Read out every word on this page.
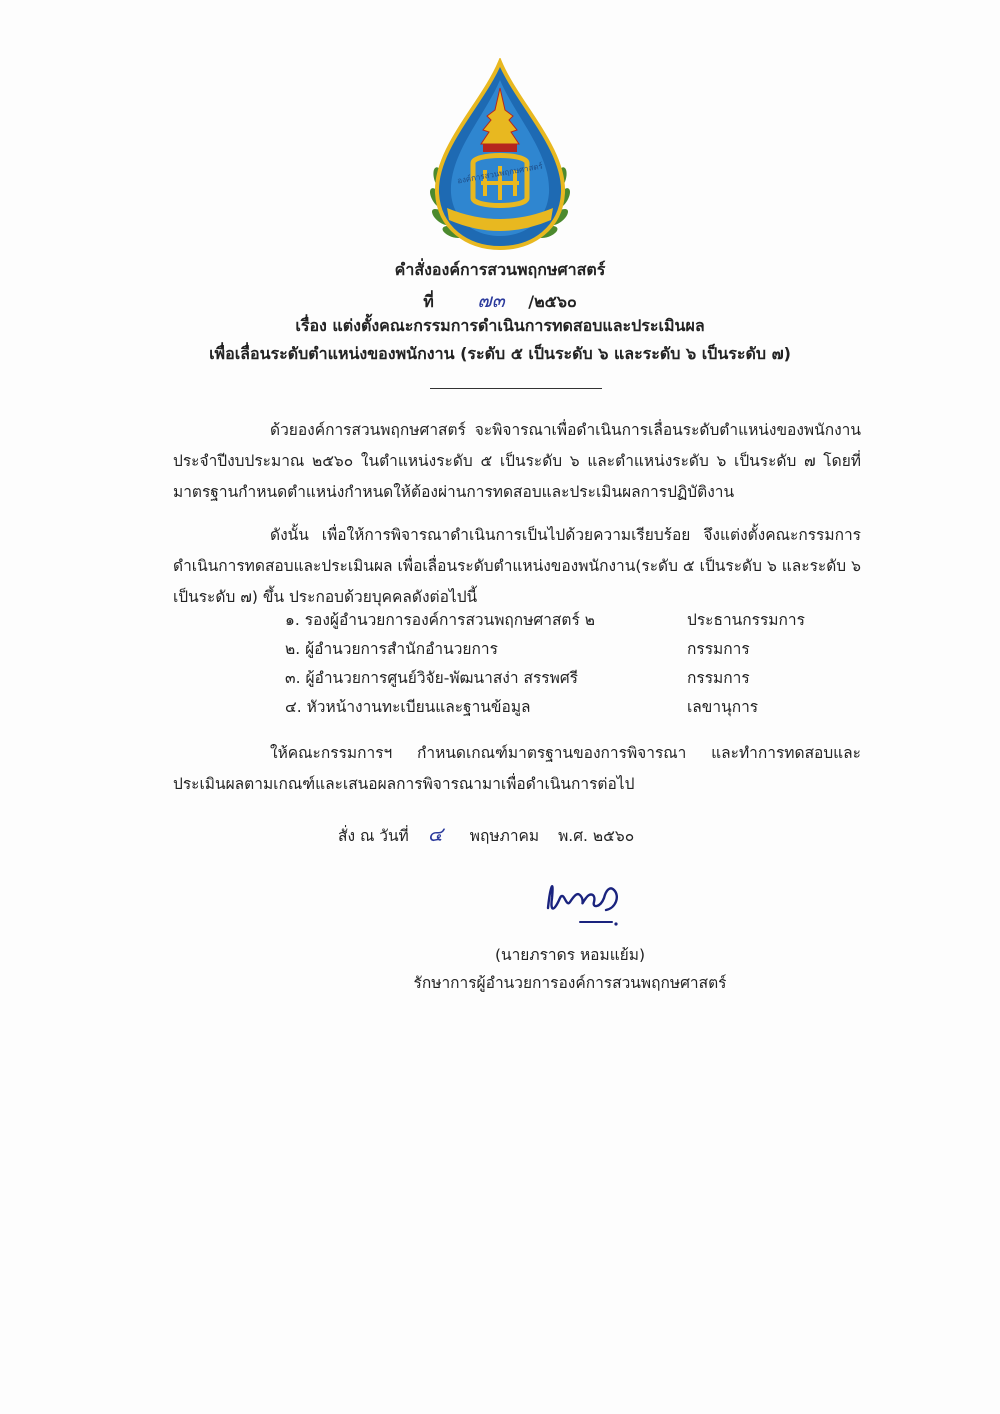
องค์การสวนพฤกษศาสตร์
คำสั่งองค์การสวนพฤกษศาสตร์
ที่ ๗๓ /๒๕๖๐
เรื่อง แต่งตั้งคณะกรรมการดำเนินการทดสอบและประเมินผล
เพื่อเลื่อนระดับตำแหน่งของพนักงาน (ระดับ ๕ เป็นระดับ ๖ และระดับ ๖ เป็นระดับ ๗)
ด้วยองค์การสวนพฤกษศาสตร์ จะพิจารณาเพื่อดำเนินการเลื่อนระดับตำแหน่งของพนักงานประจำปีงบประมาณ ๒๕๖๐ ในตำแหน่งระดับ ๕ เป็นระดับ ๖ และตำแหน่งระดับ ๖ เป็นระดับ ๗ โดยที่มาตรฐานกำหนดตำแหน่งกำหนดให้ต้องผ่านการทดสอบและประเมินผลการปฏิบัติงาน
ดังนั้น เพื่อให้การพิจารณาดำเนินการเป็นไปด้วยความเรียบร้อย จึงแต่งตั้งคณะกรรมการดำเนินการทดสอบและประเมินผล เพื่อเลื่อนระดับตำแหน่งของพนักงาน(ระดับ ๕ เป็นระดับ ๖ และระดับ ๖ เป็นระดับ ๗) ขึ้น ประกอบด้วยบุคคลดังต่อไปนี้
๑. รองผู้อำนวยการองค์การสวนพฤกษศาสตร์ ๒	ประธานกรรมการ
๒. ผู้อำนวยการสำนักอำนวยการ	กรรมการ
๓. ผู้อำนวยการศูนย์วิจัย-พัฒนาสง่า สรรพศรี	กรรมการ
๔. หัวหน้างานทะเบียนและฐานข้อมูล	เลขานุการ
ให้คณะกรรมการฯ กำหนดเกณฑ์มาตรฐานของการพิจารณา และทำการทดสอบและประเมินผลตามเกณฑ์และเสนอผลการพิจารณามาเพื่อดำเนินการต่อไป
สั่ง ณ วันที่ ๔ พฤษภาคม พ.ศ. ๒๕๖๐
(นายภราดร หอมแย้ม)
รักษาการผู้อำนวยการองค์การสวนพฤกษศาสตร์
